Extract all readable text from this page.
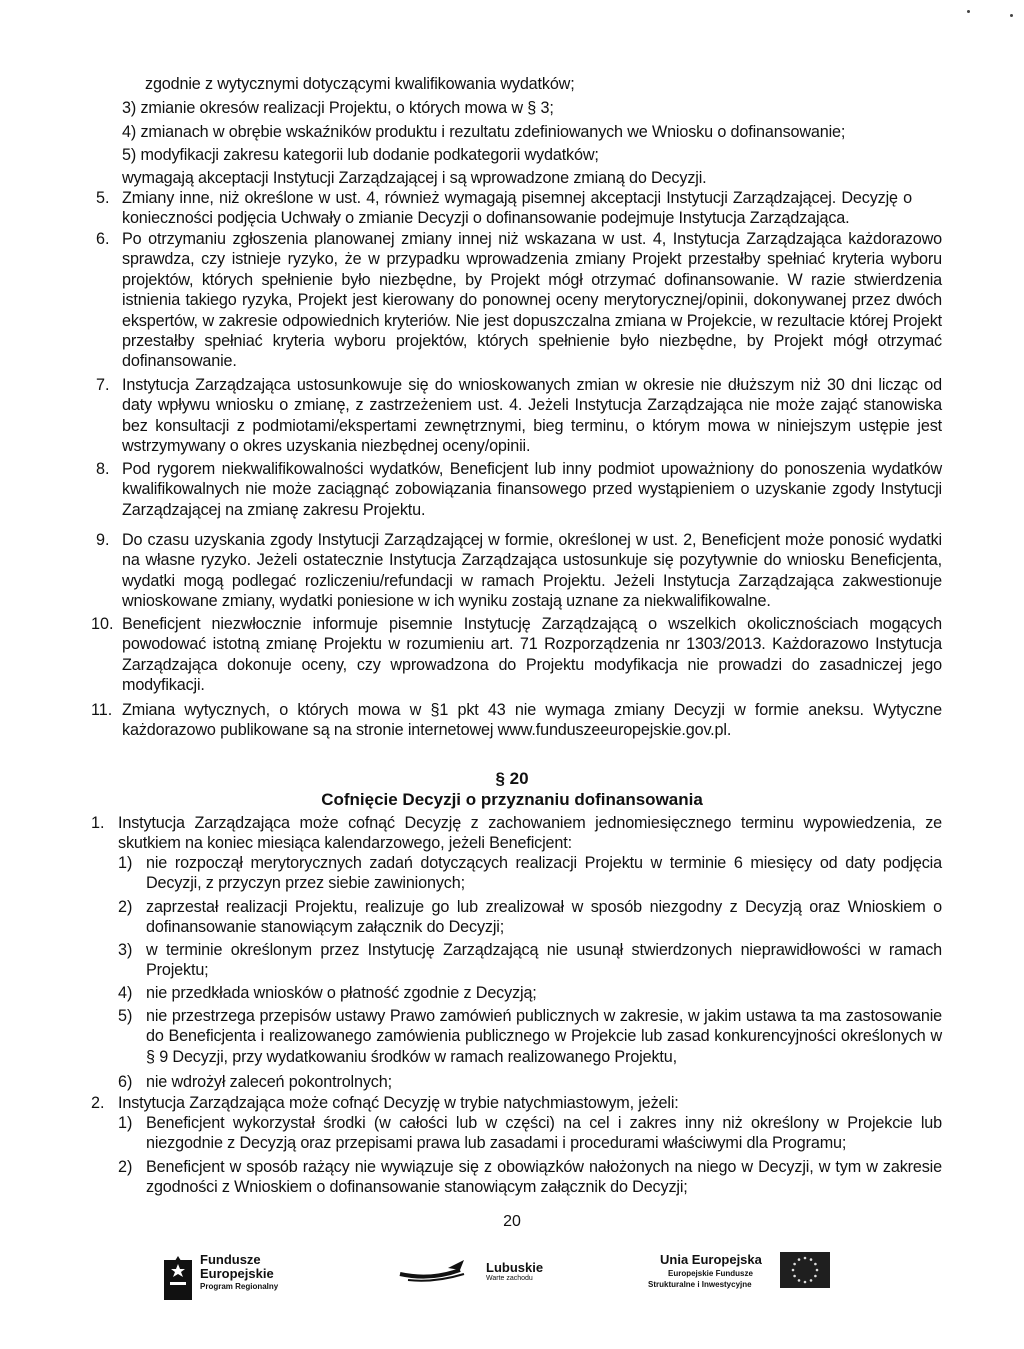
zgodnie z wytycznymi dotyczącymi kwalifikowania wydatków;
3) zmianie okresów realizacji Projektu, o których mowa w § 3;
4) zmianach w obrębie wskaźników produktu i rezultatu zdefiniowanych we Wniosku o dofinansowanie;
5) modyfikacji zakresu kategorii lub dodanie podkategorii wydatków;
wymagają akceptacji Instytucji Zarządzającej i są wprowadzone zmianą do Decyzji.
5. Zmiany inne, niż określone w ust. 4, również wymagają pisemnej akceptacji Instytucji Zarządzającej. Decyzję o konieczności podjęcia Uchwały o zmianie Decyzji o dofinansowanie podejmuje Instytucja Zarządzająca.
6. Po otrzymaniu zgłoszenia planowanej zmiany innej niż wskazana w ust. 4, Instytucja Zarządzająca każdorazowo sprawdza, czy istnieje ryzyko, że w przypadku wprowadzenia zmiany Projekt przestałby spełniać kryteria wyboru projektów, których spełnienie było niezbędne, by Projekt mógł otrzymać dofinansowanie. W razie stwierdzenia istnienia takiego ryzyka, Projekt jest kierowany do ponownej oceny merytorycznej/opinii, dokonywanej przez dwóch ekspertów, w zakresie odpowiednich kryteriów. Nie jest dopuszczalna zmiana w Projekcie, w rezultacie której Projekt przestałby spełniać kryteria wyboru projektów, których spełnienie było niezbędne, by Projekt mógł otrzymać dofinansowanie.
7. Instytucja Zarządzająca ustosunkowuje się do wnioskowanych zmian w okresie nie dłuższym niż 30 dni licząc od daty wpływu wniosku o zmianę, z zastrzeżeniem ust. 4. Jeżeli Instytucja Zarządzająca nie może zająć stanowiska bez konsultacji z podmiotami/ekspertami zewnętrznymi, bieg terminu, o którym mowa w niniejszym ustępie jest wstrzymywany o okres uzyskania niezbędnej oceny/opinii.
8. Pod rygorem niekwalifikowalności wydatków, Beneficjent lub inny podmiot upoważniony do ponoszenia wydatków kwalifikowalnych nie może zaciągnąć zobowiązania finansowego przed wystąpieniem o uzyskanie zgody Instytucji Zarządzającej na zmianę zakresu Projektu.
9. Do czasu uzyskania zgody Instytucji Zarządzającej w formie, określonej w ust. 2, Beneficjent może ponosić wydatki na własne ryzyko. Jeżeli ostatecznie Instytucja Zarządzająca ustosunkuje się pozytywnie do wniosku Beneficjenta, wydatki mogą podlegać rozliczeniu/refundacji w ramach Projektu. Jeżeli Instytucja Zarządzająca zakwestionuje wnioskowane zmiany, wydatki poniesione w ich wyniku zostają uznane za niekwalifikowalne.
10. Beneficjent niezwłocznie informuje pisemnie Instytucję Zarządzającą o wszelkich okolicznościach mogących powodować istotną zmianę Projektu w rozumieniu art. 71 Rozporządzenia nr 1303/2013. Każdorazowo Instytucja Zarządzająca dokonuje oceny, czy wprowadzona do Projektu modyfikacja nie prowadzi do zasadniczej jego modyfikacji.
11. Zmiana wytycznych, o których mowa w §1 pkt 43 nie wymaga zmiany Decyzji w formie aneksu. Wytyczne każdorazowo publikowane są na stronie internetowej www.funduszeeuropejskie.gov.pl.
§ 20
Cofnięcie Decyzji o przyznaniu dofinansowania
1. Instytucja Zarządzająca może cofnąć Decyzję z zachowaniem jednomiesięcznego terminu wypowiedzenia, ze skutkiem na koniec miesiąca kalendarzowego, jeżeli Beneficjent:
1) nie rozpoczął merytorycznych zadań dotyczących realizacji Projektu w terminie 6 miesięcy od daty podjęcia Decyzji, z przyczyn przez siebie zawinionych;
2) zaprzestał realizacji Projektu, realizuje go lub zrealizował w sposób niezgodny z Decyzją oraz Wnioskiem o dofinansowanie stanowiącym załącznik do Decyzji;
3) w terminie określonym przez Instytucję Zarządzającą nie usunął stwierdzonych nieprawidłowości w ramach Projektu;
4) nie przedkłada wniosków o płatność zgodnie z Decyzją;
5) nie przestrzega przepisów ustawy Prawo zamówień publicznych w zakresie, w jakim ustawa ta ma zastosowanie do Beneficjenta i realizowanego zamówienia publicznego w Projekcie lub zasad konkurencyjności określonych w § 9 Decyzji, przy wydatkowaniu środków w ramach realizowanego Projektu,
6) nie wdrożył zaleceń pokontrolnych;
2. Instytucja Zarządzająca może cofnąć Decyzję w trybie natychmiastowym, jeżeli:
1) Beneficjent wykorzystał środki (w całości lub w części) na cel i zakres inny niż określony w Projekcie lub niezgodnie z Decyzją oraz przepisami prawa lub zasadami i procedurami właściwymi dla Programu;
2) Beneficjent w sposób rażący nie wywiązuje się z obowiązków nałożonych na niego w Decyzji, w tym w zakresie zgodności z Wnioskiem o dofinansowanie stanowiącym załącznik do Decyzji;
20
Fundusze
Europejskie
Program Regionalny
Lubuskie
Warte zachodu
Unia Europejska
Europejskie Fundusze
Strukturalne i Inwestycyjne
